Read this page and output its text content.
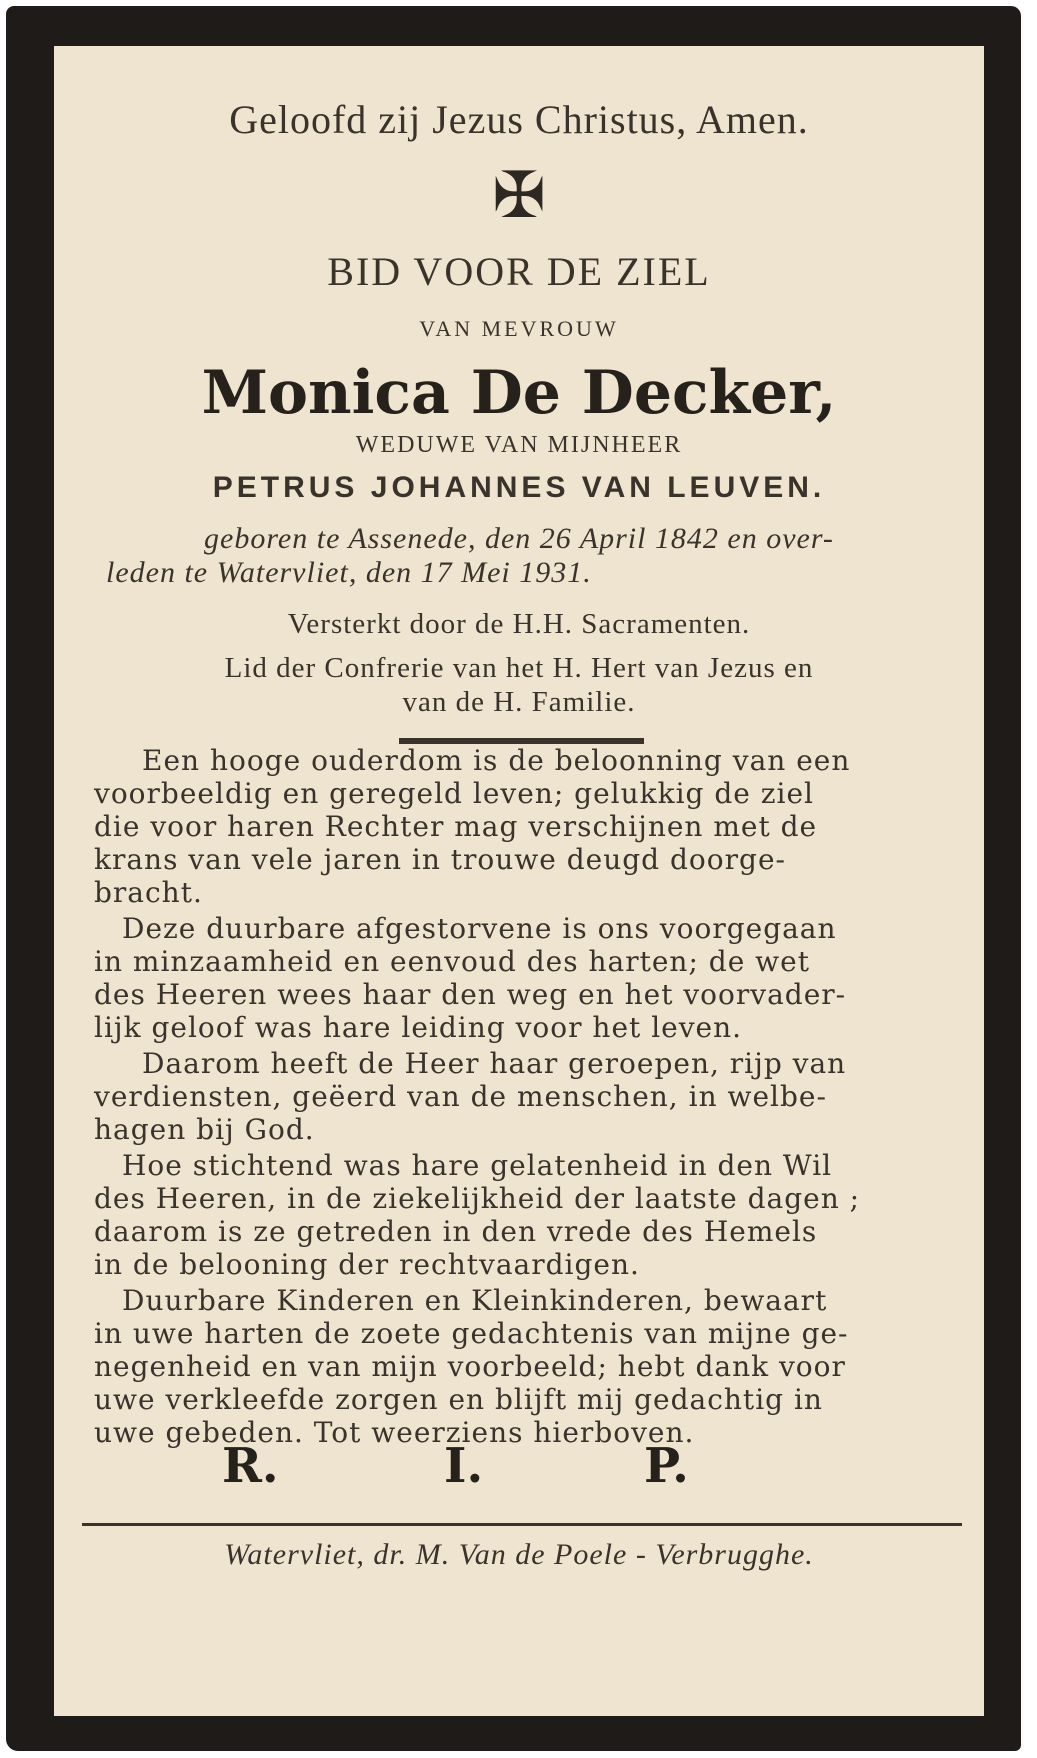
Geloofd zij Jezus Christus, Amen.
✠
BID VOOR DE ZIEL
VAN MEVROUW
Monica De Decker,
WEDUWE VAN MIJNHEER
PETRUS JOHANNES VAN LEUVEN.
geboren te Assenede, den 26 April 1842 en over-
leden te Watervliet, den 17 Mei 1931.
Versterkt door de H.H. Sacramenten.
Lid der Confrerie van het H. Hert van Jezus en
van de H. Familie.
Een hooge ouderdom is de beloonning van een
voorbeeldig en geregeld leven; gelukkig de ziel
die voor haren Rechter mag verschijnen met de
krans van vele jaren in trouwe deugd doorge-
bracht.
Deze duurbare afgestorvene is ons voorgegaan
in minzaamheid en eenvoud des harten; de wet
des Heeren wees haar den weg en het voorvader-
lijk geloof was hare leiding voor het leven.
Daarom heeft de Heer haar geroepen, rijp van
verdiensten, geëerd van de menschen, in welbe-
hagen bij God.
Hoe stichtend was hare gelatenheid in den Wil
des Heeren, in de ziekelijkheid der laatste dagen ;
daarom is ze getreden in den vrede des Hemels
in de belooning der rechtvaardigen.
Duurbare Kinderen en Kleinkinderen, bewaart
in uwe harten de zoete gedachtenis van mijne ge-
negenheid en van mijn voorbeeld; hebt dank voor
uwe verkleefde zorgen en blijft mij gedachtig in
uwe gebeden. Tot weerziens hierboven.
R.	I.	P.
Watervliet, dr. M. Van de Poele - Verbrugghe.
